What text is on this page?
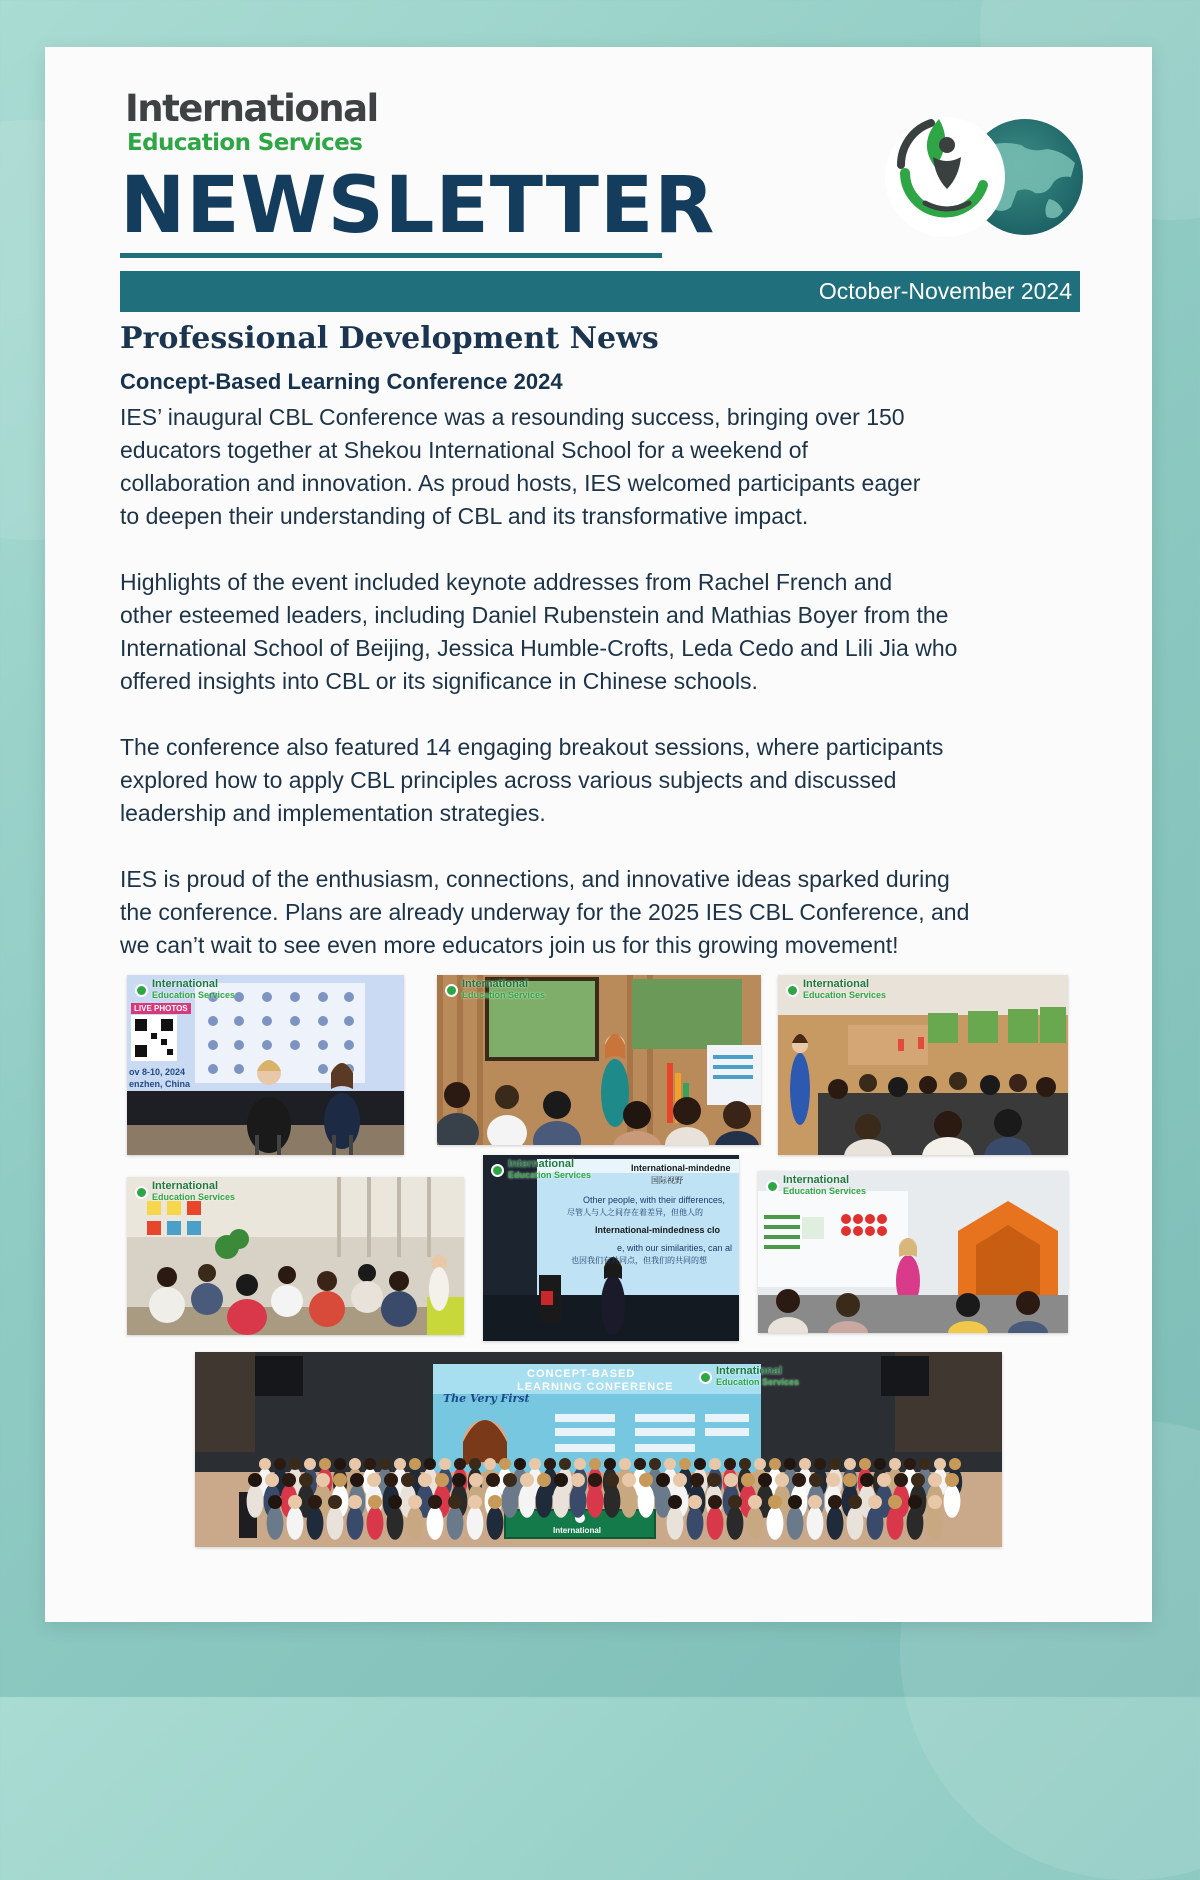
International
Education Services
NEWSLETTER
October-November 2024
Professional Development News
Concept-Based Learning Conference 2024

IES’ inaugural CBL Conference was a resounding success, bringing over 150
educators together at Shekou International School for a weekend of
collaboration and innovation. As proud hosts, IES welcomed participants eager
to deepen their understanding of CBL and its transformative impact.

Highlights of the event included keynote addresses from Rachel French and
other esteemed leaders, including Daniel Rubenstein and Mathias Boyer from the
International School of Beijing, Jessica Humble-Crofts, Leda Cedo and Lili Jia who
offered insights into CBL or its significance in Chinese schools.

The conference also featured 14 engaging breakout sessions, where participants
explored how to apply CBL principles across various subjects and discussed
leadership and implementation strategies.

IES is proud of the enthusiasm, connections, and innovative ideas sparked during
the conference. Plans are already underway for the 2025 IES CBL Conference, and
we can’t wait to see even more educators join us for this growing movement!

International
Education Services
LIVE PHOTOS
ov 8-10, 2024
enzhen, China
International
Education Services
International
Education Services
International
Education Services
International
Education Services
International-mindedne
国际视野
Other people, with their differences,
尽管人与人之间存在着差异，但他人的
International-mindedness clo
e, with our similarities, can al
也因我们有共同点，但我们的共同的想
International
Education Services
CONCEPT-BASED
LEARNING CONFERENCE
The Very First
International
International
Education Services
